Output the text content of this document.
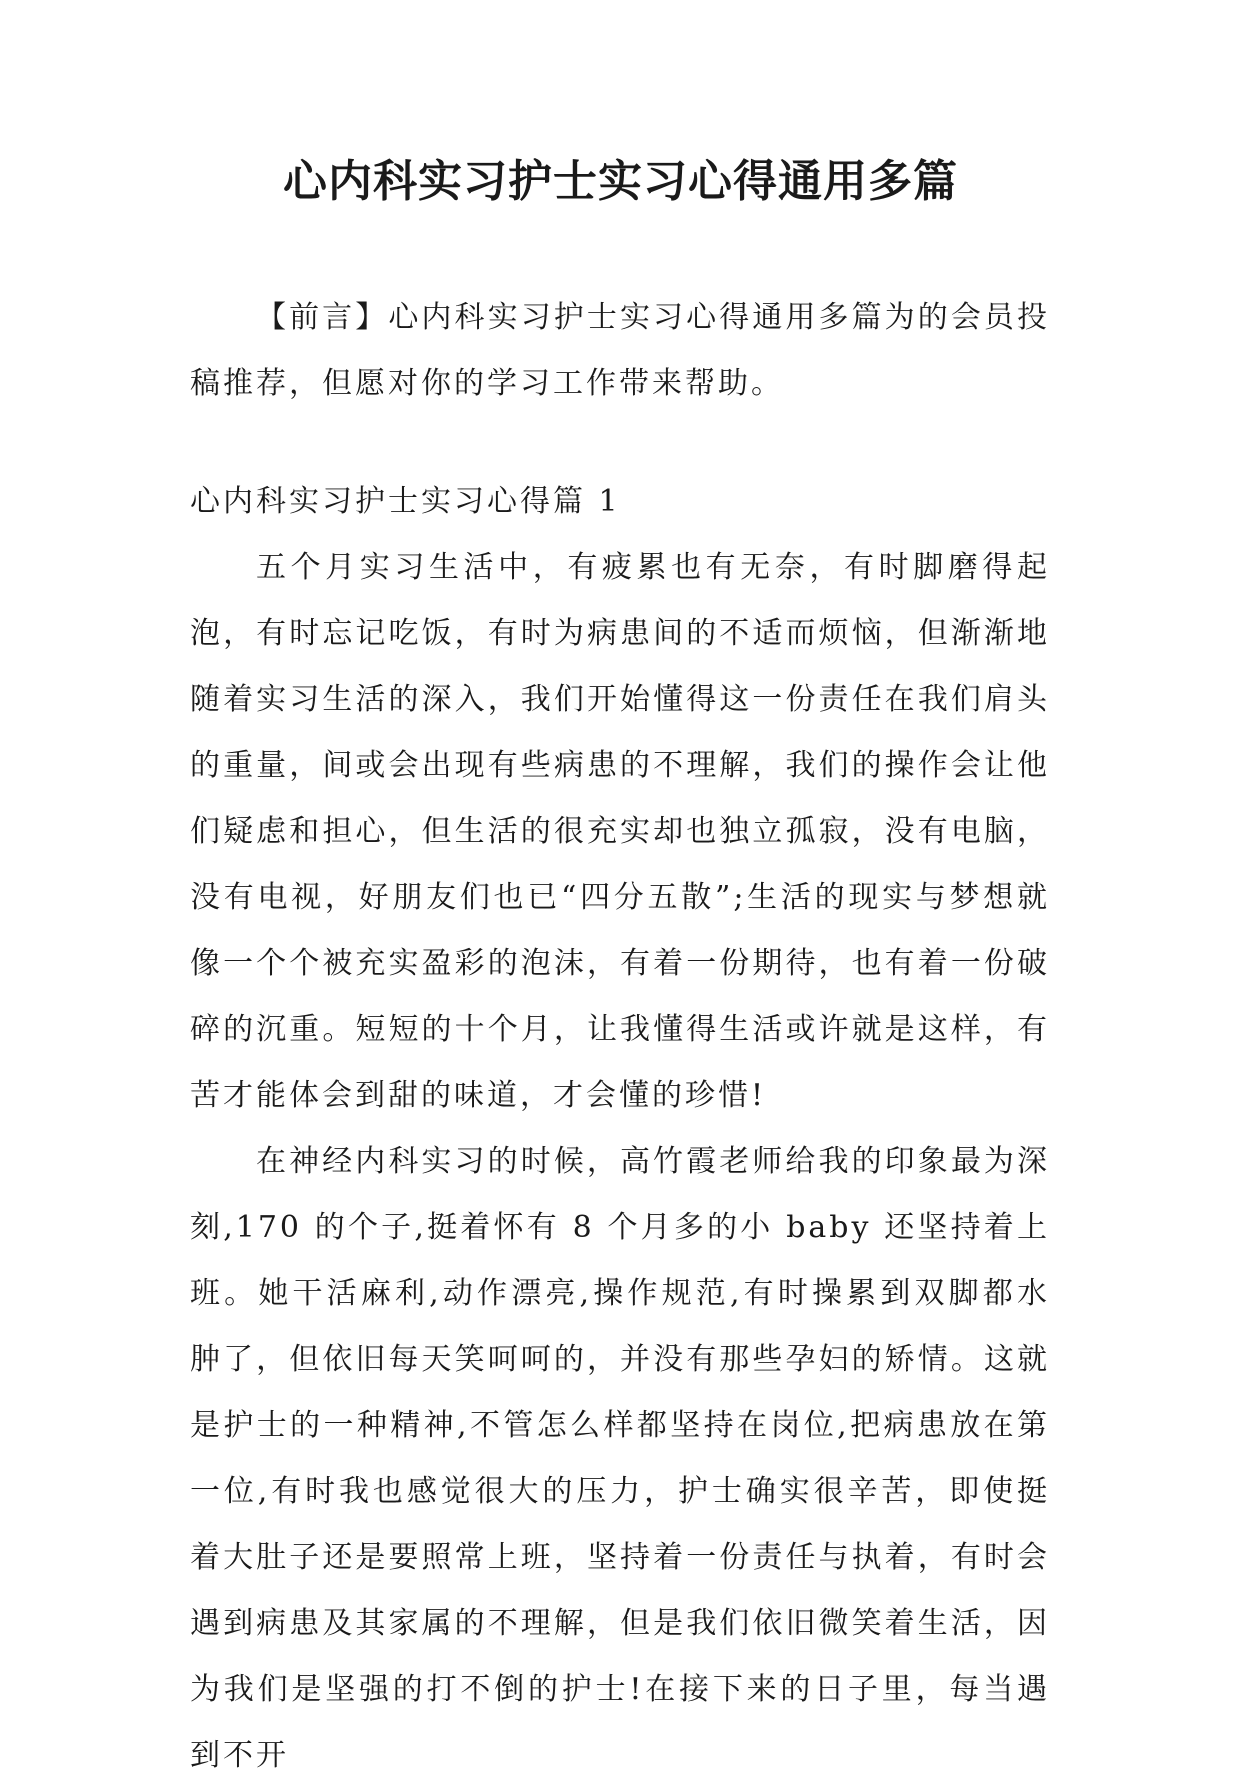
心内科实习护士实习心得通用多篇

【前言】心内科实习护士实习心得通用多篇为的会员投稿推荐，但愿对你的学习工作带来帮助。

心内科实习护士实习心得篇 1

五个月实习生活中，有疲累也有无奈，有时脚磨得起泡，有时忘记吃饭，有时为病患间的不适而烦恼，但渐渐地随着实习生活的深入，我们开始懂得这一份责任在我们肩头的重量，间或会出现有些病患的不理解，我们的操作会让他们疑虑和担心，但生活的很充实却也独立孤寂，没有电脑，没有电视，好朋友们也已“四分五散”;生活的现实与梦想就像一个个被充实盈彩的泡沫，有着一份期待，也有着一份破碎的沉重。短短的十个月，让我懂得生活或许就是这样，有苦才能体会到甜的味道，才会懂的珍惜!

在神经内科实习的时候，高竹霞老师给我的印象最为深刻,170 的个子,挺着怀有 8 个月多的小 baby 还坚持着上班。她干活麻利,动作漂亮,操作规范,有时操累到双脚都水肿了，但依旧每天笑呵呵的，并没有那些孕妇的矫情。这就是护士的一种精神,不管怎么样都坚持在岗位,把病患放在第一位,有时我也感觉很大的压力，护士确实很辛苦，即使挺着大肚子还是要照常上班，坚持着一份责任与执着，有时会遇到病患及其家属的不理解，但是我们依旧微笑着生活，因为我们是坚强的打不倒的护士!在接下来的日子里，每当遇到不开
